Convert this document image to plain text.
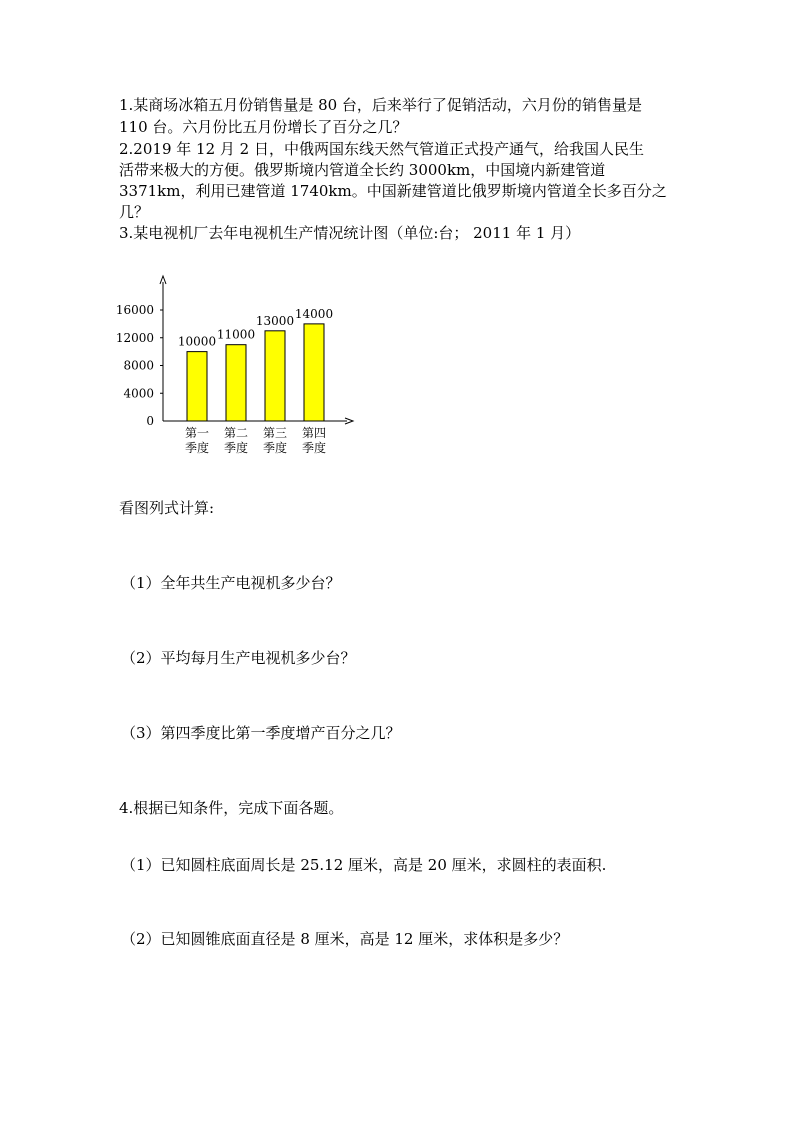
1.某商场冰箱五月份销售量是 80 台，后来举行了促销活动，六月份的销售量是
110 台。六月份比五月份增长了百分之几？
2.2019 年 12 月 2 日，中俄两国东线天然气管道正式投产通气，给我国人民生
活带来极大的方便。俄罗斯境内管道全长约 3000km，中国境内新建管道
3371km，利用已建管道 1740km。中国新建管道比俄罗斯境内管道全长多百分之
几？
3.某电视机厂去年电视机生产情况统计图（单位:台； 2011 年 1 月）
0
4000
8000
12000
16000
10000
第一
季度
11000
第二
季度
13000
第三
季度
14000
第四
季度
看图列式计算:
（1）全年共生产电视机多少台？
（2）平均每月生产电视机多少台？
（3）第四季度比第一季度增产百分之几？
4.根据已知条件，完成下面各题。
（1）已知圆柱底面周长是 25.12 厘米，高是 20 厘米，求圆柱的表面积.
（2）已知圆锥底面直径是 8 厘米，高是 12 厘米，求体积是多少？
